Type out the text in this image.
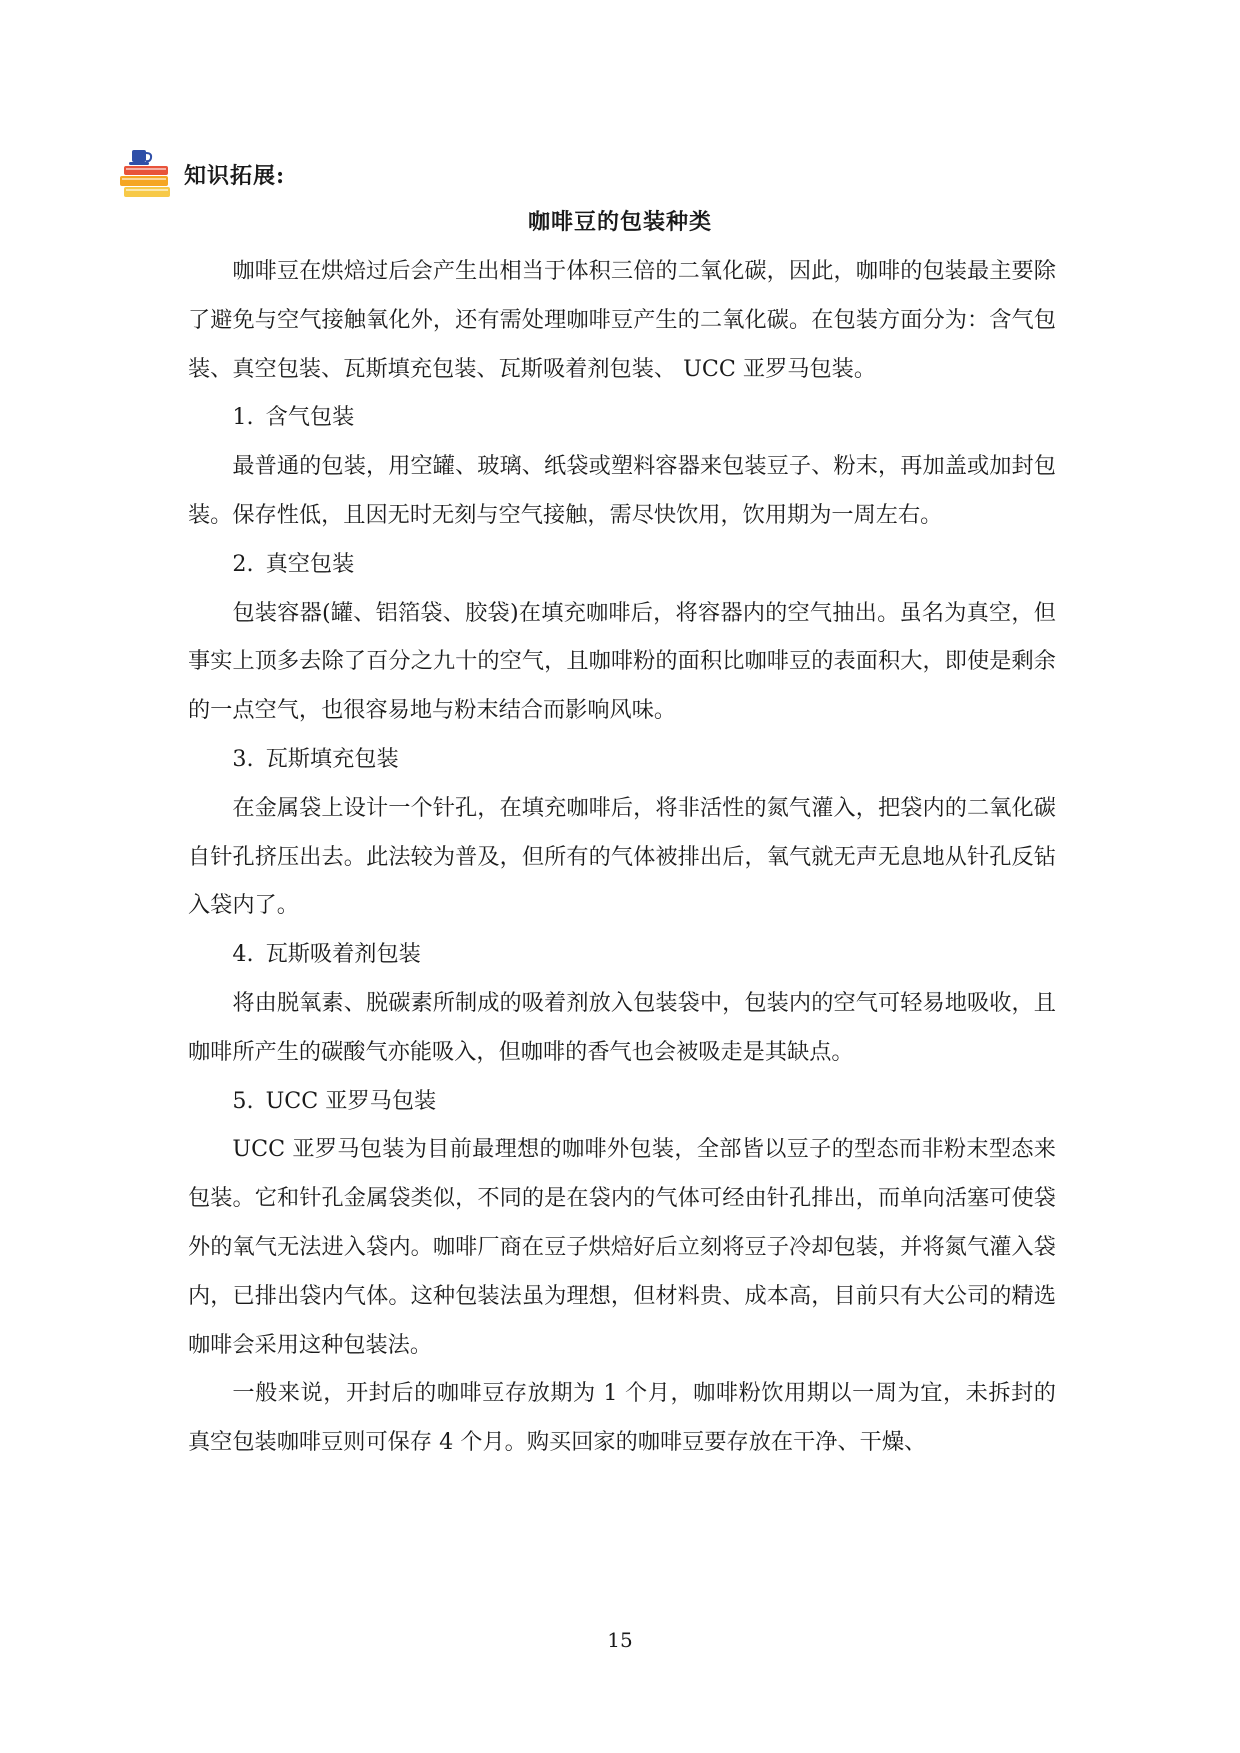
知识拓展:
咖啡豆的包装种类

咖啡豆在烘焙过后会产生出相当于体积三倍的二氧化碳，因此，咖啡的包装最主要除了避免与空气接触氧化外，还有需处理咖啡豆产生的二氧化碳。在包装方面分为：含气包装、真空包装、瓦斯填充包装、瓦斯吸着剂包装、 UCC 亚罗马包装。

1. 含气包装

最普通的包装，用空罐、玻璃、纸袋或塑料容器来包装豆子、粉末，再加盖或加封包装。保存性低，且因无时无刻与空气接触，需尽快饮用，饮用期为一周左右。

2. 真空包装

包装容器(罐、铝箔袋、胶袋)在填充咖啡后，将容器内的空气抽出。虽名为真空，但事实上顶多去除了百分之九十的空气，且咖啡粉的面积比咖啡豆的表面积大，即使是剩余的一点空气，也很容易地与粉末结合而影响风味。

3. 瓦斯填充包装

在金属袋上设计一个针孔，在填充咖啡后，将非活性的氮气灌入，把袋内的二氧化碳自针孔挤压出去。此法较为普及，但所有的气体被排出后，氧气就无声无息地从针孔反钻入袋内了。

4. 瓦斯吸着剂包装

将由脱氧素、脱碳素所制成的吸着剂放入包装袋中，包装内的空气可轻易地吸收，且咖啡所产生的碳酸气亦能吸入，但咖啡的香气也会被吸走是其缺点。

5. UCC 亚罗马包装

UCC 亚罗马包装为目前最理想的咖啡外包装，全部皆以豆子的型态而非粉末型态来包装。它和针孔金属袋类似，不同的是在袋内的气体可经由针孔排出，而单向活塞可使袋外的氧气无法进入袋内。咖啡厂商在豆子烘焙好后立刻将豆子冷却包装，并将氮气灌入袋内，已排出袋内气体。这种包装法虽为理想，但材料贵、成本高，目前只有大公司的精选咖啡会采用这种包装法。

一般来说，开封后的咖啡豆存放期为 1 个月，咖啡粉饮用期以一周为宜，未拆封的真空包装咖啡豆则可保存 4 个月。购买回家的咖啡豆要存放在干净、干燥、

15
